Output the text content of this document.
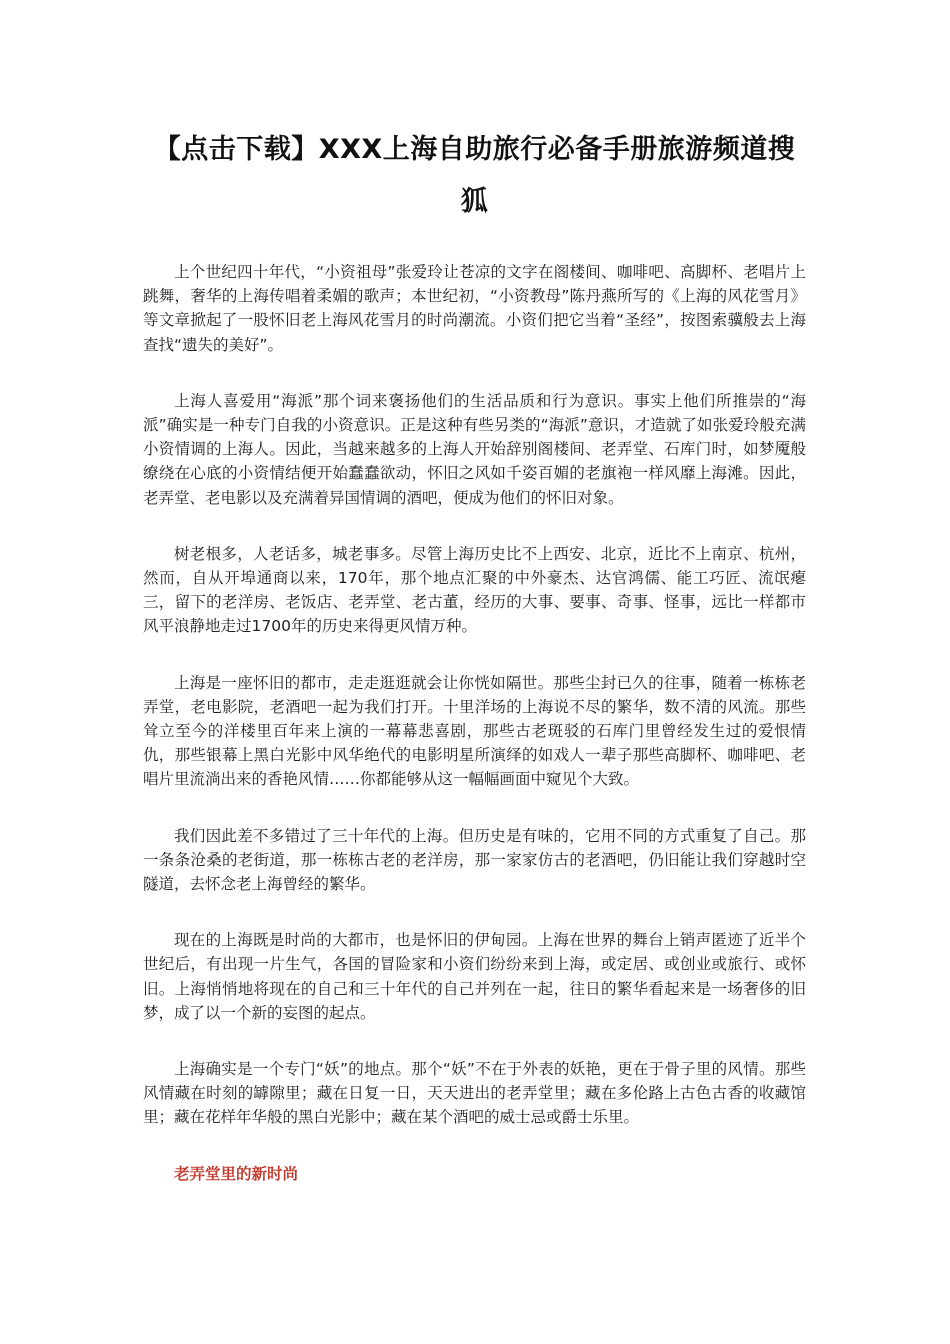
【点击下载】XXX上海自助旅行必备手册旅游频道搜狐

上个世纪四十年代，“小资祖母”张爱玲让苍凉的文字在阁楼间、咖啡吧、高脚杯、老唱片上跳舞，奢华的上海传唱着柔媚的歌声；本世纪初，“小资教母”陈丹燕所写的《上海的风花雪月》等文章掀起了一股怀旧老上海风花雪月的时尚潮流。小资们把它当着“圣经”，按图索骥般去上海查找“遗失的美好”。

上海人喜爱用“海派”那个词来褒扬他们的生活品质和行为意识。事实上他们所推崇的“海派”确实是一种专门自我的小资意识。正是这种有些另类的“海派”意识，才造就了如张爱玲般充满小资情调的上海人。因此，当越来越多的上海人开始辞别阁楼间、老弄堂、石库门时，如梦魇般缭绕在心底的小资情结便开始蠢蠢欲动，怀旧之风如千姿百媚的老旗袍一样风靡上海滩。因此，老弄堂、老电影以及充满着异国情调的酒吧，便成为他们的怀旧对象。

树老根多，人老话多，城老事多。尽管上海历史比不上西安、北京，近比不上南京、杭州，然而，自从开埠通商以来，170年，那个地点汇聚的中外豪杰、达官鸿儒、能工巧匠、流氓瘪三，留下的老洋房、老饭店、老弄堂、老古董，经历的大事、要事、奇事、怪事，远比一样都市风平浪静地走过1700年的历史来得更风情万种。

上海是一座怀旧的都市，走走逛逛就会让你恍如隔世。那些尘封已久的往事，随着一栋栋老弄堂，老电影院，老酒吧一起为我们打开。十里洋场的上海说不尽的繁华，数不清的风流。那些耸立至今的洋楼里百年来上演的一幕幕悲喜剧，那些古老斑驳的石库门里曾经发生过的爱恨情仇，那些银幕上黑白光影中风华绝代的电影明星所演绎的如戏人一辈子那些高脚杯、咖啡吧、老唱片里流淌出来的香艳风情……你都能够从这一幅幅画面中窥见个大致。

我们因此差不多错过了三十年代的上海。但历史是有味的，它用不同的方式重复了自己。那一条条沧桑的老街道，那一栋栋古老的老洋房，那一家家仿古的老酒吧，仍旧能让我们穿越时空隧道，去怀念老上海曾经的繁华。

现在的上海既是时尚的大都市，也是怀旧的伊甸园。上海在世界的舞台上销声匿迹了近半个世纪后，有出现一片生气，各国的冒险家和小资们纷纷来到上海，或定居、或创业或旅行、或怀旧。上海悄悄地将现在的自己和三十年代的自己并列在一起，往日的繁华看起来是一场奢侈的旧梦，成了以一个新的妄图的起点。

上海确实是一个专门“妖”的地点。那个“妖”不在于外表的妖艳，更在于骨子里的风情。那些风情藏在时刻的罅隙里；藏在日复一日，天天进出的老弄堂里；藏在多伦路上古色古香的收藏馆里；藏在花样年华般的黑白光影中；藏在某个酒吧的威士忌或爵士乐里。

老弄堂里的新时尚
